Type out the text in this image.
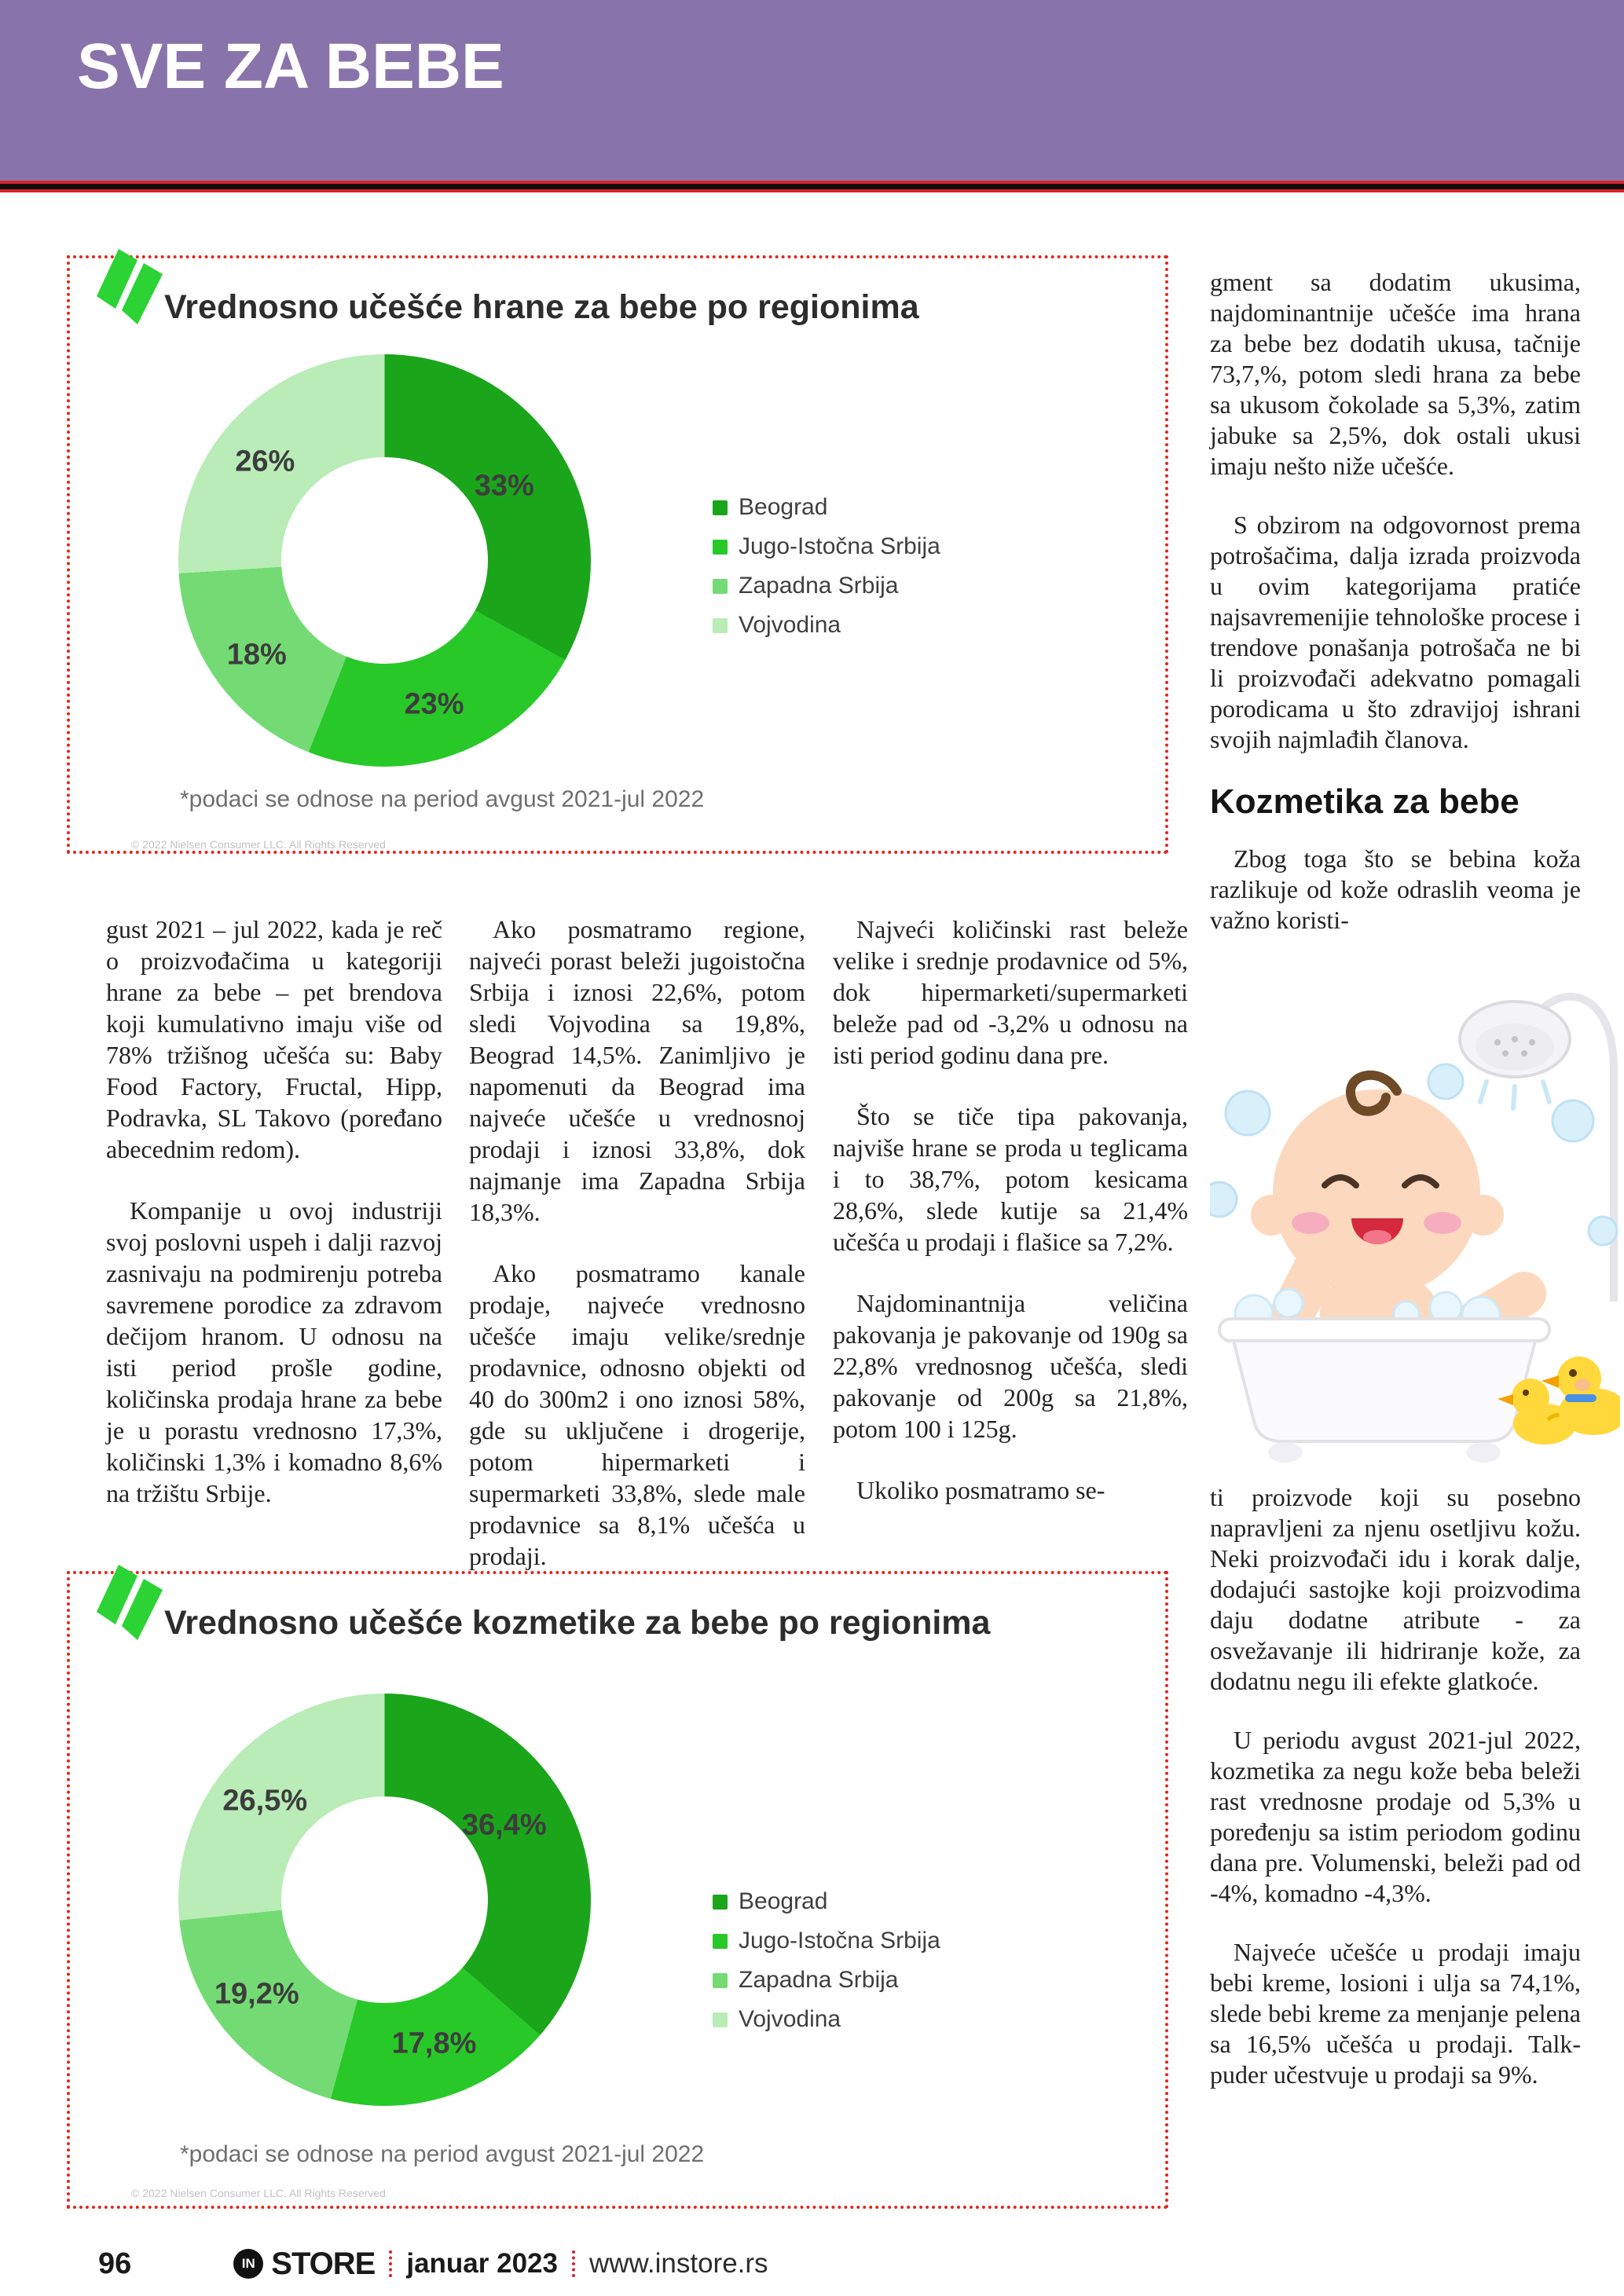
SVE ZA BEBE
Vrednosno učešće hrane za bebe po regionima
26%
33%
18%
23%
Beograd
Jugo-Istočna Srbija
Zapadna Srbija
Vojvodina

*podaci se odnose na period avgust 2021-jul 2022

© 2022 Nielsen Consumer LLC. All Rights Reserved

gust 2021 – jul 2022, kada je reč o proizvođačima u kategoriji hrane za bebe – pet brendova koji kumulativno imaju više od 78% tržišnog učešća su: Baby Food Factory, Fructal, Hipp, Podravka, SL Takovo (poređano abecednim redom).

Kompanije u ovoj industriji svoj poslovni uspeh i dalji razvoj zasnivaju na podmirenju potreba savremene porodice za zdravom dečijom hranom. U odnosu na isti period prošle godine, količinska prodaja hrane za bebe je u porastu vrednosno 17,3%, količinski 1,3% i komadno 8,6% na tržištu Srbije.

Ako posmatramo regione, najveći porast beleži jugoistočna Srbija i iznosi 22,6%, potom sledi Vojvodina sa 19,8%, Beograd 14,5%. Zanimljivo je napomenuti da Beograd ima najveće učešće u vrednosnoj prodaji i iznosi 33,8%, dok najmanje ima Zapadna Srbija 18,3%.

Ako posmatramo kanale prodaje, najveće vrednosno učešće imaju velike/srednje prodavnice, odnosno objekti od 40 do 300m2 i ono iznosi 58%, gde su uključene i drogerije, potom hipermarketi i supermarketi 33,8%, slede male prodavnice sa 8,1% učešća u prodaji.

Najveći količinski rast beleže velike i srednje prodavnice od 5%, dok hipermarketi/supermarketi beleže pad od -3,2% u odnosu na isti period godinu dana pre.

Što se tiče tipa pakovanja, najviše hrane se proda u teglicama i to 38,7%, potom kesicama 28,6%, slede kutije sa 21,4% učešća u prodaji i flašice sa 7,2%.

Najdominantnija veličina pakovanja je pakovanje od 190g sa 22,8% vrednosnog učešća, sledi pakovanje od 200g sa 21,8%, potom 100 i 125g.

Ukoliko posmatramo se-

gment sa dodatim ukusima, najdominantnije učešće ima hrana za bebe bez dodatih ukusa, tačnije 73,7,%, potom sledi hrana za bebe sa ukusom čokolade sa 5,3%, zatim jabuke sa 2,5%, dok ostali ukusi imaju nešto niže učešće.

S obzirom na odgovornost prema potrošačima, dalja izrada proizvoda u ovim kategorijama pratiće najsavremenijie tehnološke procese i trendove ponašanja potrošača ne bi li proizvođači adekvatno pomagali porodicama u što zdravijoj ishrani svojih najmlađih članova.

Kozmetika za bebe

Zbog toga što se bebina koža razlikuje od kože odraslih veoma je važno koristi-

ti proizvode koji su posebno napravljeni za njenu osetljivu kožu. Neki proizvođači idu i korak dalje, dodajući sastojke koji proizvodima daju dodatne atribute - za osvežavanje ili hidriranje kože, za dodatnu negu ili efekte glatkoće.

U periodu avgust 2021-jul 2022, kozmetika za negu kože beba beleži rast vrednosne prodaje od 5,3% u poređenju sa istim periodom godinu dana pre. Volumenski, beleži pad od -4%, komadno -4,3%.

Najveće učešće u prodaji imaju bebi kreme, losioni i ulja sa 74,1%, slede bebi kreme za menjanje pelena sa 16,5% učešća u prodaji. Talk-puder učestvuje u prodaji sa 9%.

Vrednosno učešće kozmetike za bebe po regionima
26,5%
36,4%
19,2%
17,8%
Beograd
Jugo-Istočna Srbija
Zapadna Srbija
Vojvodina

*podaci se odnose na period avgust 2021-jul 2022

© 2022 Nielsen Consumer LLC. All Rights Reserved

96	IN STORE januar 2023 www.instore.rs
